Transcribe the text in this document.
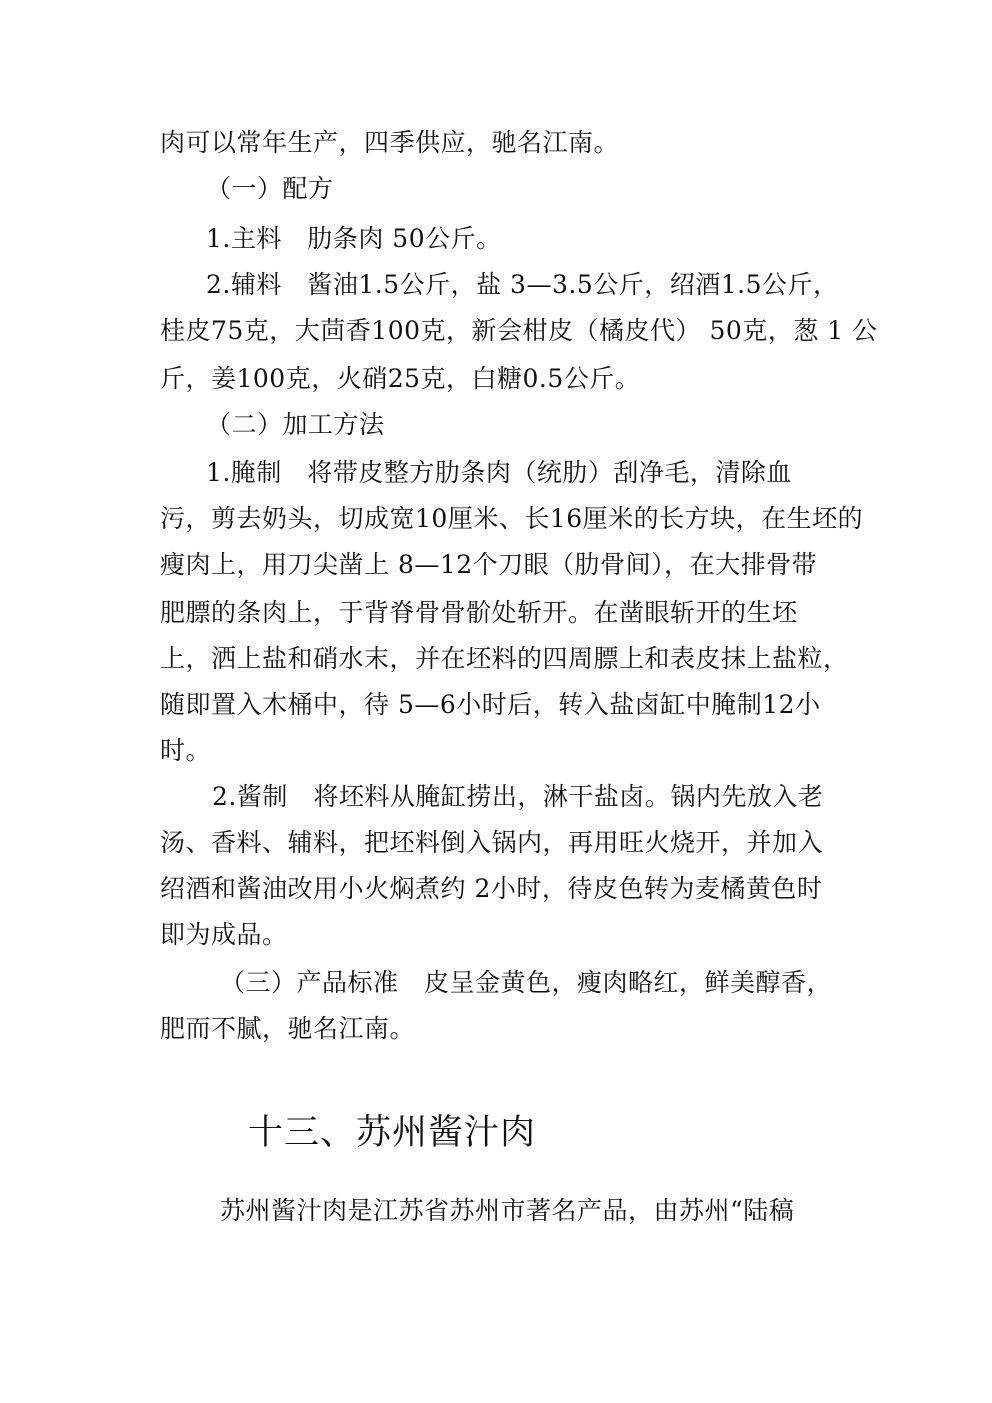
肉可以常年生产，四季供应，驰名江南。
（一）配方
1.主料　肋条肉 50公斤。
2.辅料　酱油1.5公斤，盐 3—3.5公斤，绍酒1.5公斤，
桂皮75克，大茴香100克，新会柑皮（橘皮代） 50克，葱 1 公
斤，姜100克，火硝25克，白糖0.5公斤。
（二）加工方法
1.腌制　将带皮整方肋条肉（统肋）刮净毛，清除血
污，剪去奶头，切成宽10厘米、长16厘米的长方块，在生坯的
瘦肉上，用刀尖凿上 8—12个刀眼（肋骨间），在大排骨带
肥膘的条肉上，于背脊骨骨骱处斩开。在凿眼斩开的生坯
上，洒上盐和硝水末，并在坯料的四周膘上和表皮抹上盐粒，
随即置入木桶中，待 5—6小时后，转入盐卤缸中腌制12小
时。
2.酱制　将坯料从腌缸捞出，淋干盐卤。锅内先放入老
汤、香料、辅料，把坯料倒入锅内，再用旺火烧开，并加入
绍酒和酱油改用小火焖煮约 2小时，待皮色转为麦橘黄色时
即为成品。
（三）产品标准　皮呈金黄色，瘦肉略红，鲜美醇香，
肥而不腻，驰名江南。
十三、苏州酱汁肉
苏州酱汁肉是江苏省苏州市著名产品，由苏州“陆稿
